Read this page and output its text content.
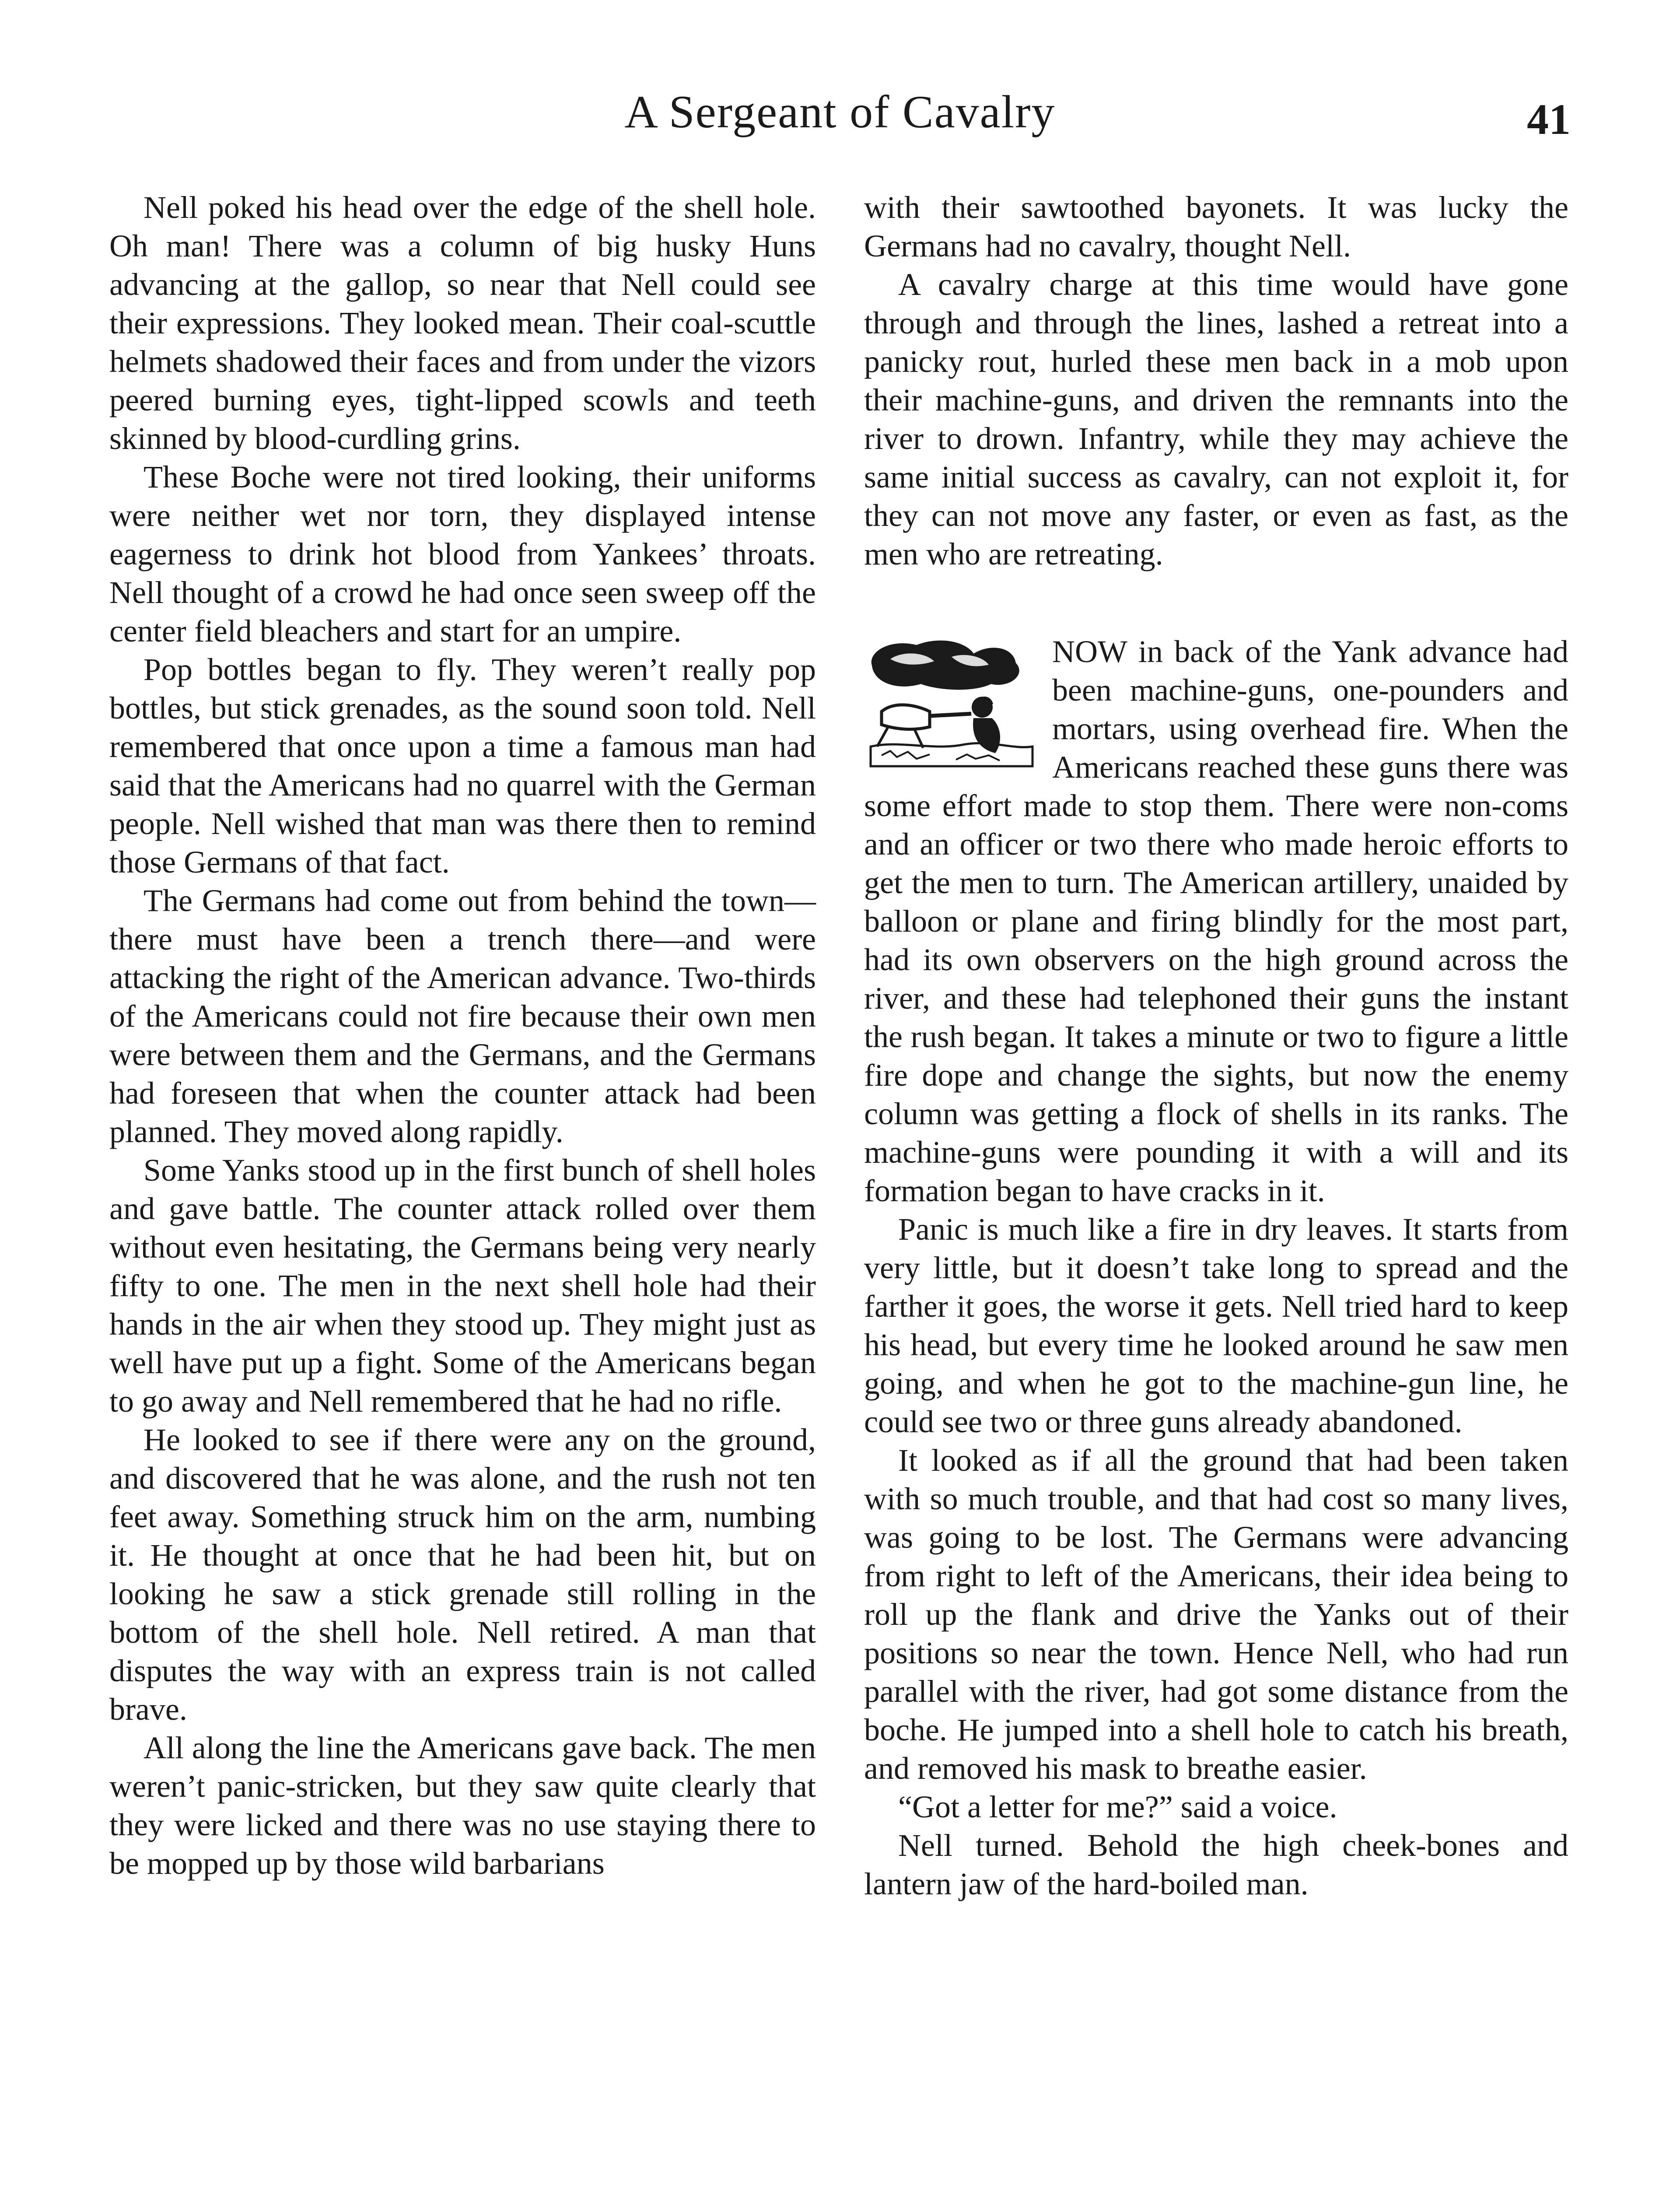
A Sergeant of Cavalry	41

Nell poked his head over the edge of the shell hole. Oh man! There was a column of big husky Huns advancing at the gallop, so near that Nell could see their expressions. They looked mean. Their coal-scuttle helmets shadowed their faces and from under the vizors peered burning eyes, tight-lipped scowls and teeth skinned by blood-curdling grins.

These Boche were not tired looking, their uniforms were neither wet nor torn, they displayed intense eagerness to drink hot blood from Yankees’ throats. Nell thought of a crowd he had once seen sweep off the center field bleachers and start for an umpire.

Pop bottles began to fly. They weren’t really pop bottles, but stick grenades, as the sound soon told. Nell remembered that once upon a time a famous man had said that the Americans had no quarrel with the German people. Nell wished that man was there then to remind those Germans of that fact.

The Germans had come out from behind the town—there must have been a trench there—and were attacking the right of the American advance. Two-thirds of the Americans could not fire because their own men were between them and the Germans, and the Germans had foreseen that when the counter attack had been planned. They moved along rapidly.

Some Yanks stood up in the first bunch of shell holes and gave battle. The counter attack rolled over them without even hesitating, the Germans being very nearly fifty to one. The men in the next shell hole had their hands in the air when they stood up. They might just as well have put up a fight. Some of the Americans began to go away and Nell remembered that he had no rifle.

He looked to see if there were any on the ground, and discovered that he was alone, and the rush not ten feet away. Something struck him on the arm, numbing it. He thought at once that he had been hit, but on looking he saw a stick grenade still rolling in the bottom of the shell hole. Nell retired. A man that disputes the way with an express train is not called brave.

All along the line the Americans gave back. The men weren’t panic-stricken, but they saw quite clearly that they were licked and there was no use staying there to be mopped up by those wild barbarians

with their sawtoothed bayonets. It was lucky the Germans had no cavalry, thought Nell.

A cavalry charge at this time would have gone through and through the lines, lashed a retreat into a panicky rout, hurled these men back in a mob upon their machine-guns, and driven the remnants into the river to drown. Infantry, while they may achieve the same initial success as cavalry, can not exploit it, for they can not move any faster, or even as fast, as the men who are retreating.

NOW in back of the Yank advance had been machine-guns, one-pounders and mortars, using overhead fire. When the Americans reached these guns there was some effort made to stop them. There were non-coms and an officer or two there who made heroic efforts to get the men to turn. The American artillery, unaided by balloon or plane and firing blindly for the most part, had its own observers on the high ground across the river, and these had telephoned their guns the instant the rush began. It takes a minute or two to figure a little fire dope and change the sights, but now the enemy column was getting a flock of shells in its ranks. The machine-guns were pounding it with a will and its formation began to have cracks in it.

Panic is much like a fire in dry leaves. It starts from very little, but it doesn’t take long to spread and the farther it goes, the worse it gets. Nell tried hard to keep his head, but every time he looked around he saw men going, and when he got to the machine-gun line, he could see two or three guns already abandoned.

It looked as if all the ground that had been taken with so much trouble, and that had cost so many lives, was going to be lost. The Germans were advancing from right to left of the Americans, their idea being to roll up the flank and drive the Yanks out of their positions so near the town. Hence Nell, who had run parallel with the river, had got some distance from the boche. He jumped into a shell hole to catch his breath, and removed his mask to breathe easier.

“Got a letter for me?” said a voice.

Nell turned. Behold the high cheek-bones and lantern jaw of the hard-boiled man.
